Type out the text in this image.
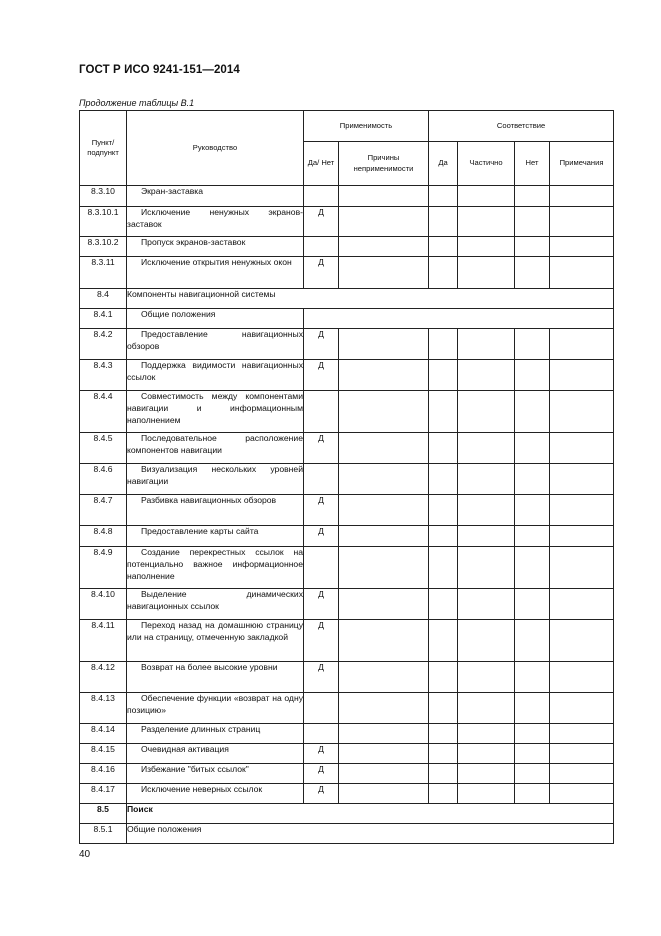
ГОСТ Р ИСО 9241-151—2014
Продолжение таблицы В.1
Пункт/ подпункт	Руководство	Применимость		Соответствие			
		Да/ Нет	Причины неприменимости	Да	Частично	Нет	Примечания
8.3.10	Экран-заставка						
8.3.10.1	Исключение ненужных экранов-заставок	Д					
8.3.10.2	Пропуск экранов-заставок						
8.3.11	Исключение открытия ненужных окон	Д					
8.4	Компоненты навигационной системы						
8.4.1	Общие положения						
8.4.2	Предоставление навигационных обзоров	Д					
8.4.3	Поддержка видимости навигационных ссылок	Д					
8.4.4	Совместимость между компонентами навигации и информационным наполнением						
8.4.5	Последовательное расположение компонентов навигации	Д					
8.4.6	Визуализация нескольких уровней навигации						
8.4.7	Разбивка навигационных обзоров	Д					
8.4.8	Предоставление карты сайта	Д					
8.4.9	Создание перекрестных ссылок на потенциально важное информационное наполнение						
8.4.10	Выделение динамических навигационных ссылок	Д					
8.4.11	Переход назад на домашнюю страницу или на страницу, отмеченную закладкой	Д					
8.4.12	Возврат на более высокие уровни	Д					
8.4.13	Обеспечение функции «возврат на одну позицию»						
8.4.14	Разделение длинных страниц						
8.4.15	Очевидная активация	Д					
8.4.16	Избежание "битых ссылок"	Д					
8.4.17	Исключение неверных ссылок	Д					
8.5	Поиск						
8.5.1	Общие положения						
40
